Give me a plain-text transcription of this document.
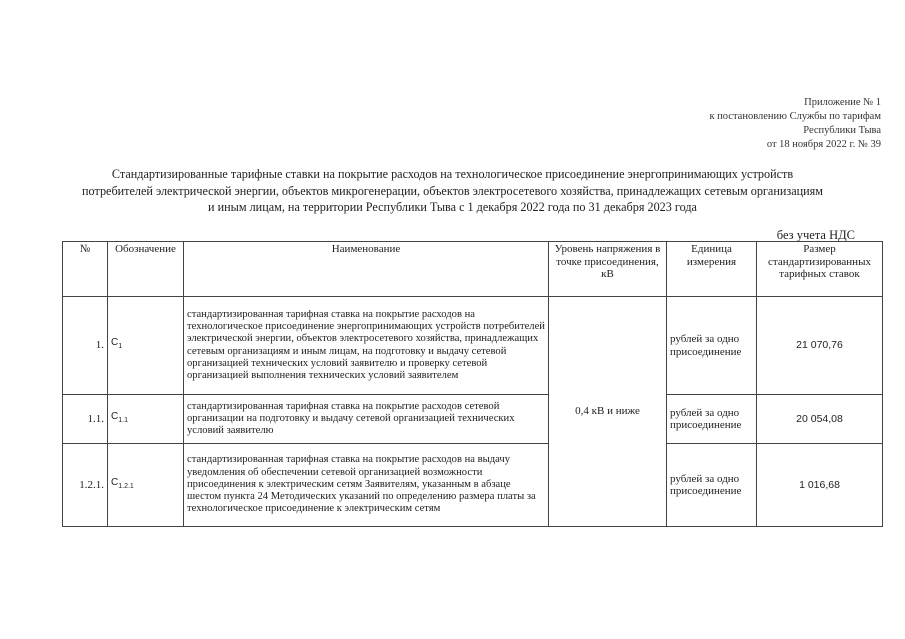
Приложение № 1
к постановлению Службы по тарифам
Республики Тыва
от 18 ноября 2022 г. № 39
Стандартизированные тарифные ставки на покрытие расходов на технологическое присоединение энергопринимающих устройств
потребителей электрической энергии, объектов микрогенерации, объектов электросетевого хозяйства, принадлежащих сетевым организациям
и иным лицам, на территории Республики Тыва с 1 декабря 2022 года по 31 декабря 2023 года
без учета НДС
№	Обозначение	Наименование	Уровень напряжения в точке присоединения, кВ	Единица измерения	Размер стандартизированных тарифных ставок
1.	$С_1$	стандартизированная тарифная ставка на покрытие расходов на технологическое присоединение энергопринимающих устройств потребителей электрической энергии, объектов электросетевого хозяйства, принадлежащих сетевым организациям и иным лицам, на подготовку и выдачу сетевой организацией технических условий заявителю и проверку сетевой организацией выполнения технических условий заявителем	0,4 кВ и ниже	рублей за одно присоединение	21 070,76
1.1.	$С_{1.1}$	стандартизированная тарифная ставка на покрытие расходов сетевой организации на подготовку и выдачу сетевой организацией технических условий заявителю		рублей за одно присоединение	20 054,08
1.2.1.	$С_{1.2.1}$	стандартизированная тарифная ставка на покрытие расходов на выдачу уведомления об обеспечении сетевой организацией возможности присоединения к электрическим сетям Заявителям, указанным в абзаце шестом пункта 24 Методических указаний по определению размера платы за технологическое присоединение к электрическим сетям		рублей за одно присоединение	1 016,68
